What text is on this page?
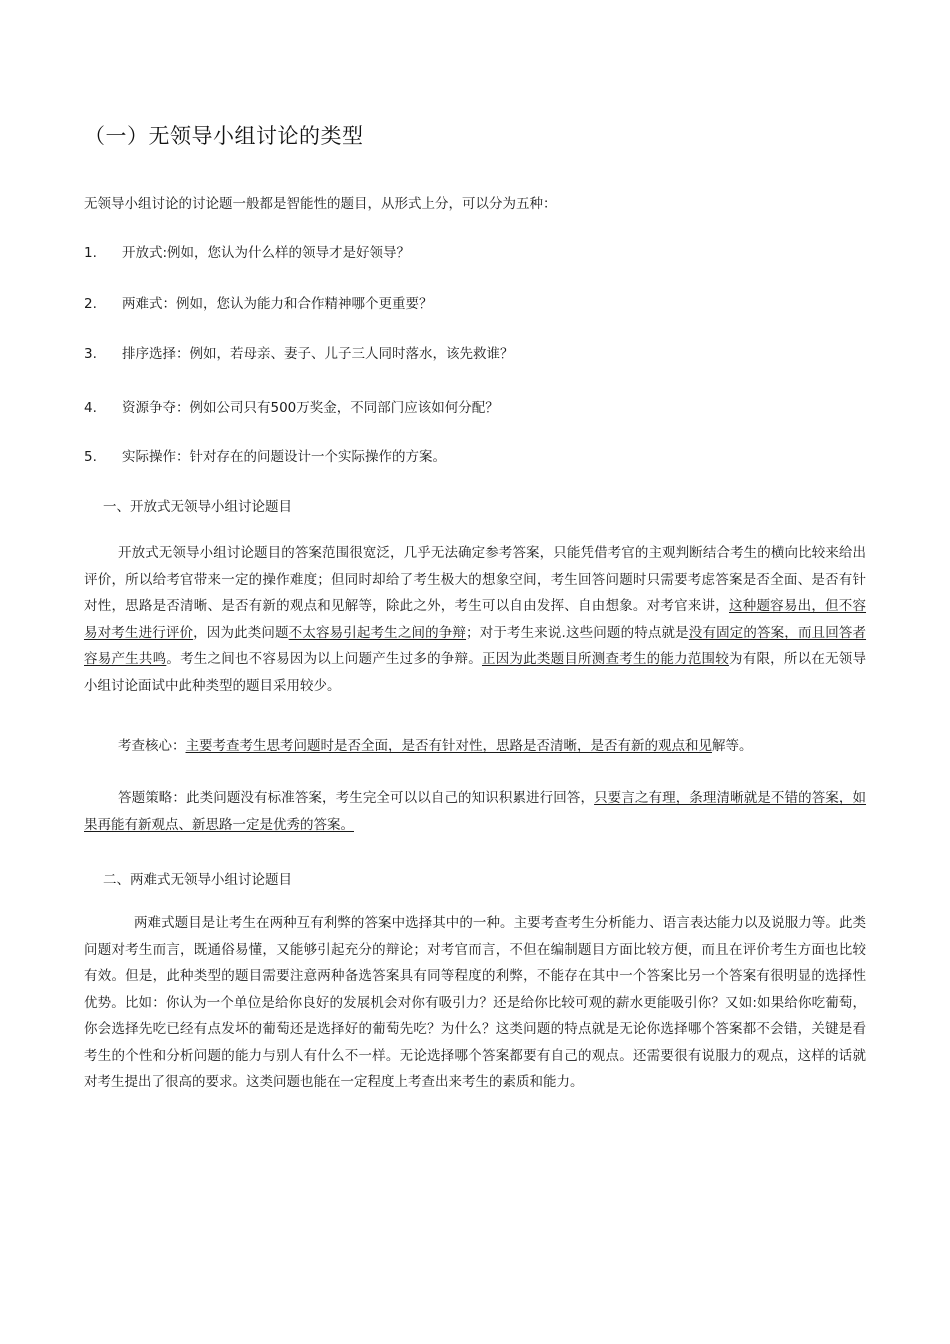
（一）无领导小组讨论的类型
无领导小组讨论的讨论题一般都是智能性的题目，从形式上分，可以分为五种：
1. 开放式:例如，您认为什么样的领导才是好领导？
2. 两难式：例如，您认为能力和合作精神哪个更重要？
3. 排序选择：例如，若母亲、妻子、儿子三人同时落水，该先救谁？
4. 资源争夺：例如公司只有500万奖金，不同部门应该如何分配？
5. 实际操作：针对存在的问题设计一个实际操作的方案。
一、开放式无领导小组讨论题目
开放式无领导小组讨论题目的答案范围很宽泛，几乎无法确定参考答案，只能凭借考官的主观判断结合考生的横向比较来给出评价，所以给考官带来一定的操作难度；但同时却给了考生极大的想象空间，考生回答问题时只需要考虑答案是否全面、是否有针对性，思路是否清晰、是否有新的观点和见解等，除此之外，考生可以自由发挥、自由想象。对考官来讲，这种题容易出，但不容易对考生进行评价，因为此类问题不太容易引起考生之间的争辩；对于考生来说.这些问题的特点就是没有固定的答案，而且回答者容易产生共鸣。考生之间也不容易因为以上问题产生过多的争辩。正因为此类题目所测查考生的能力范围较为有限，所以在无领导小组讨论面试中此种类型的题目采用较少。
考查核心：主要考查考生思考问题时是否全面，是否有针对性，思路是否清晰，是否有新的观点和见解等。
答题策略：此类问题没有标准答案，考生完全可以以自己的知识积累进行回答，只要言之有理，条理清晰就是不错的答案，如果再能有新观点、新思路一定是优秀的答案。
二、两难式无领导小组讨论题目
两难式题目是让考生在两种互有利弊的答案中选择其中的一种。主要考查考生分析能力、语言表达能力以及说服力等。此类问题对考生而言，既通俗易懂，又能够引起充分的辩论；对考官而言，不但在编制题目方面比较方便，而且在评价考生方面也比较有效。但是，此种类型的题目需要注意两种备选答案具有同等程度的利弊，不能存在其中一个答案比另一个答案有很明显的选择性优势。比如：你认为一个单位是给你良好的发展机会对你有吸引力？还是给你比较可观的薪水更能吸引你？又如:如果给你吃葡萄，你会选择先吃已经有点发坏的葡萄还是选择好的葡萄先吃？为什么？这类问题的特点就是无论你选择哪个答案都不会错，关键是看考生的个性和分析问题的能力与别人有什么不一样。无论选择哪个答案都要有自己的观点。还需要很有说服力的观点，这样的话就对考生提出了很高的要求。这类问题也能在一定程度上考查出来考生的素质和能力。
